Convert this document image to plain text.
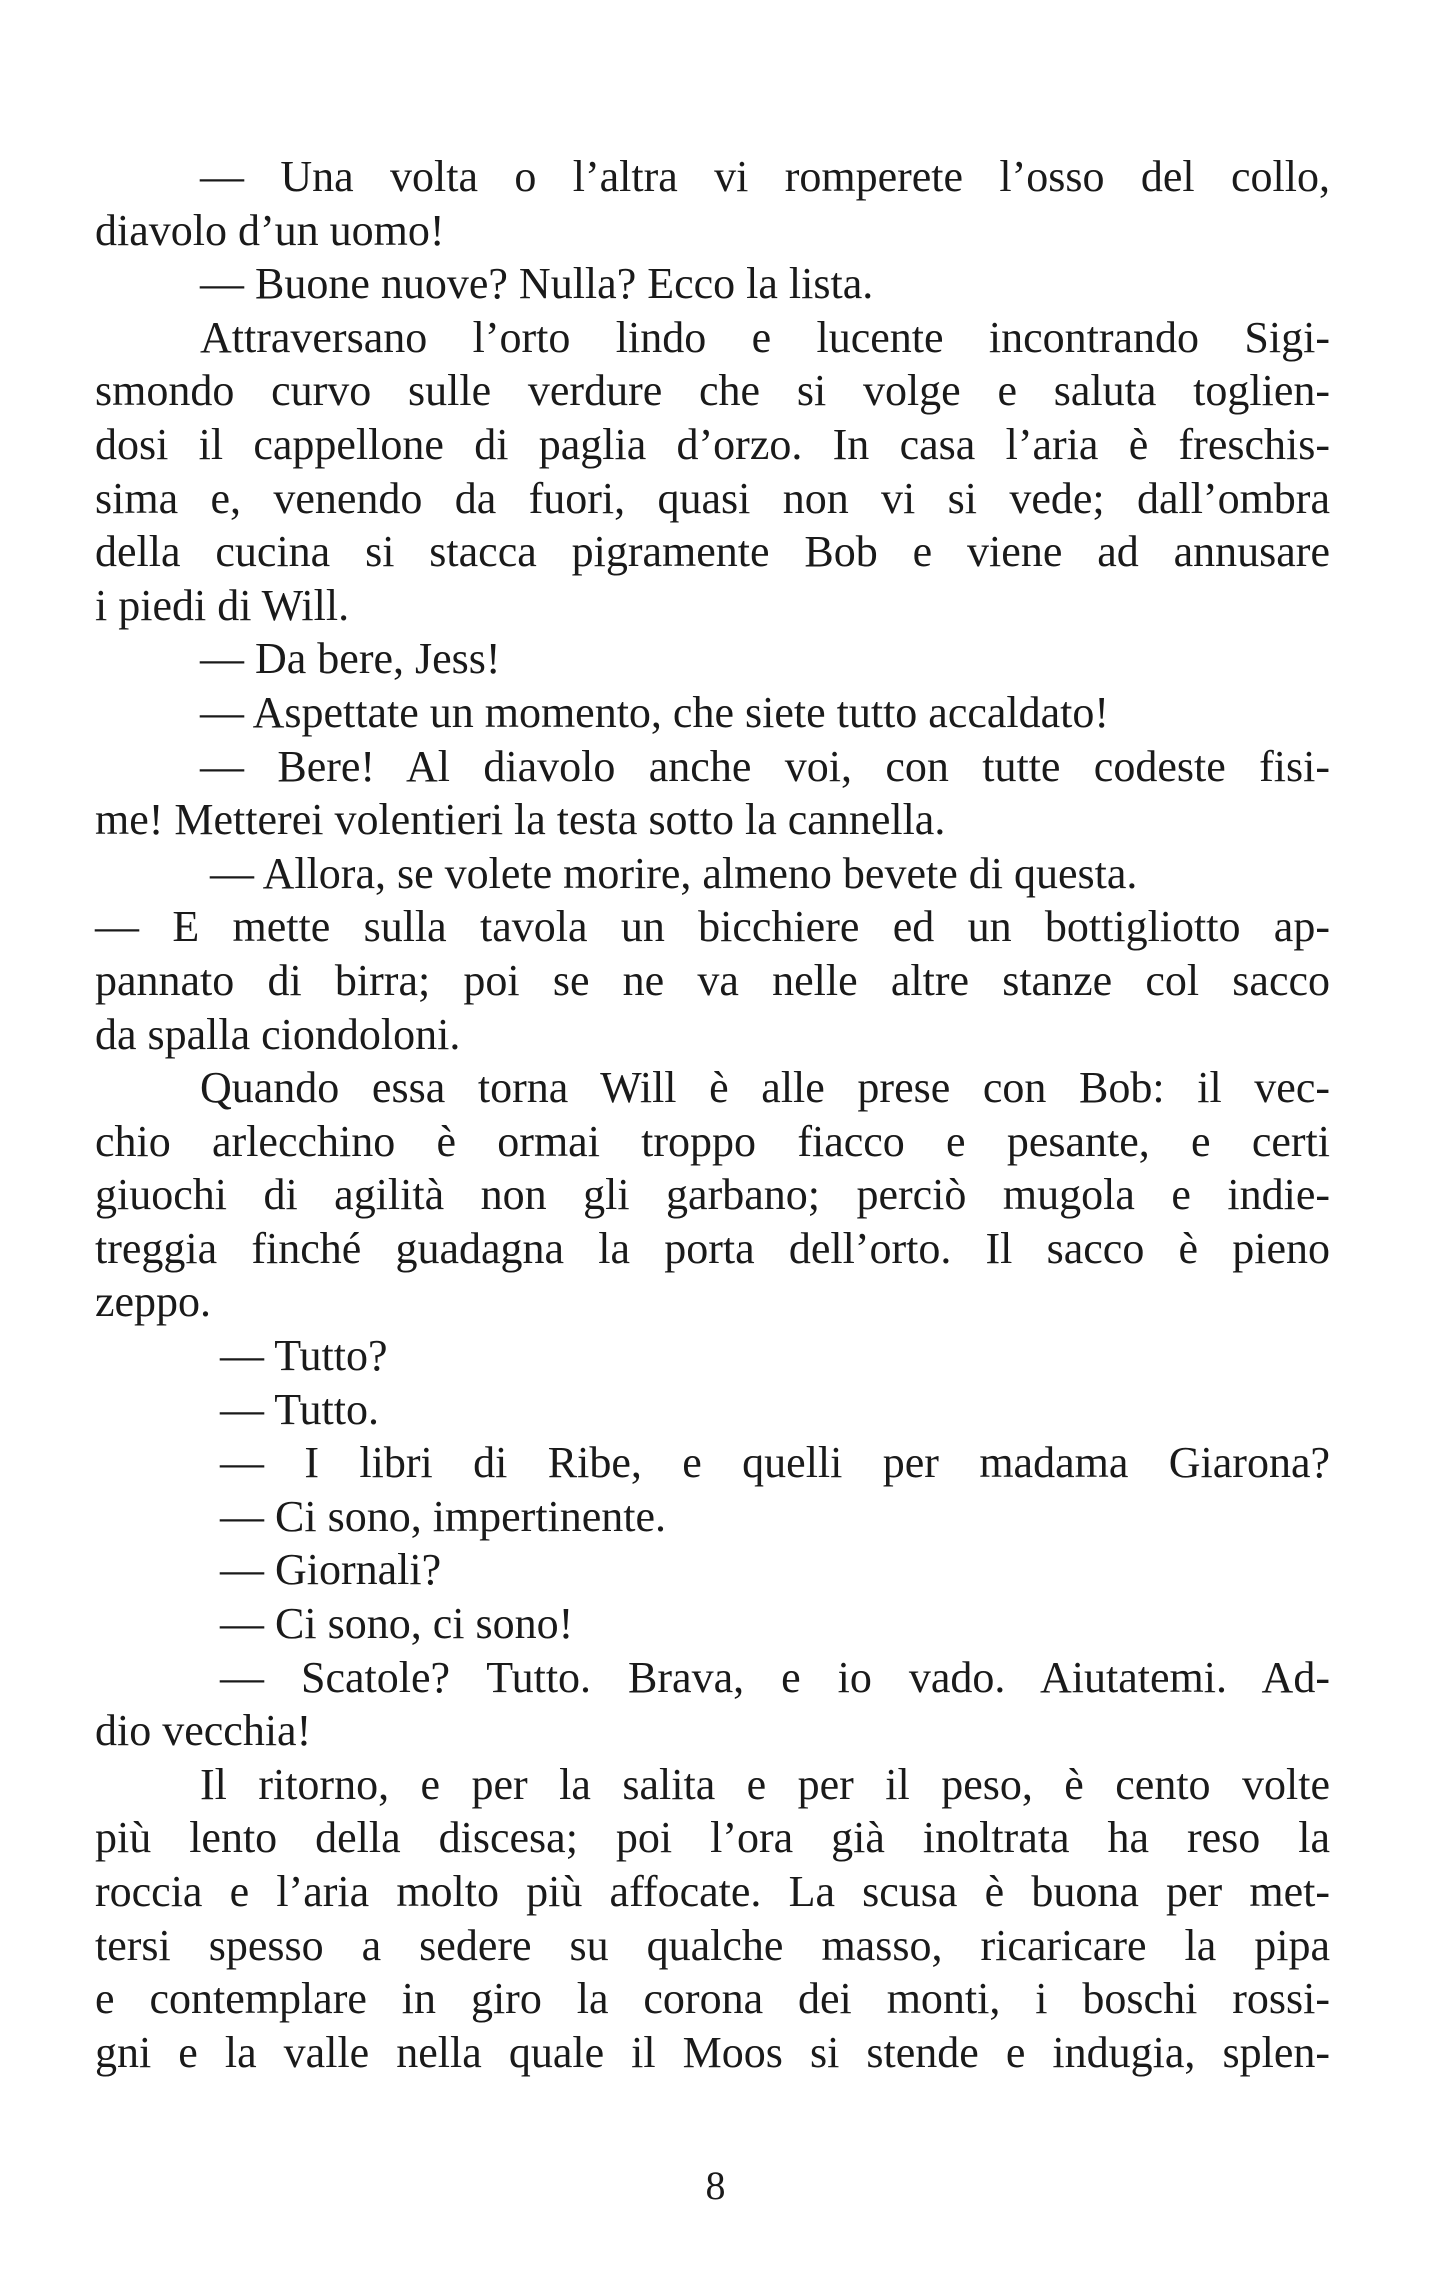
— Una volta o l’altra vi romperete l’osso del collo,
diavolo d’un uomo!
— Buone nuove? Nulla? Ecco la lista.
Attraversano l’orto lindo e lucente incontrando Sigi-
smondo curvo sulle verdure che si volge e saluta toglien-
dosi il cappellone di paglia d’orzo. In casa l’aria è freschis-
sima e, venendo da fuori, quasi non vi si vede; dall’ombra
della cucina si stacca pigramente Bob e viene ad annusare
i piedi di Will.
— Da bere, Jess!
— Aspettate un momento, che siete tutto accaldato!
— Bere! Al diavolo anche voi, con tutte codeste fisi-
me! Metterei volentieri la testa sotto la cannella.
— Allora, se volete morire, almeno bevete di questa.
— E mette sulla tavola un bicchiere ed un bottigliotto ap-
pannato di birra; poi se ne va nelle altre stanze col sacco
da spalla ciondoloni.
Quando essa torna Will è alle prese con Bob: il vec-
chio arlecchino è ormai troppo fiacco e pesante, e certi
giuochi di agilità non gli garbano; perciò mugola e indie-
treggia finché guadagna la porta dell’orto. Il sacco è pieno
zeppo.
— Tutto?
— Tutto.
— I libri di Ribe, e quelli per madama Giarona?
— Ci sono, impertinente.
— Giornali?
— Ci sono, ci sono!
— Scatole? Tutto. Brava, e io vado. Aiutatemi. Ad-
dio vecchia!
Il ritorno, e per la salita e per il peso, è cento volte
più lento della discesa; poi l’ora già inoltrata ha reso la
roccia e l’aria molto più affocate. La scusa è buona per met-
tersi spesso a sedere su qualche masso, ricaricare la pipa
e contemplare in giro la corona dei monti, i boschi rossi-
gni e la valle nella quale il Moos si stende e indugia, splen-
8
